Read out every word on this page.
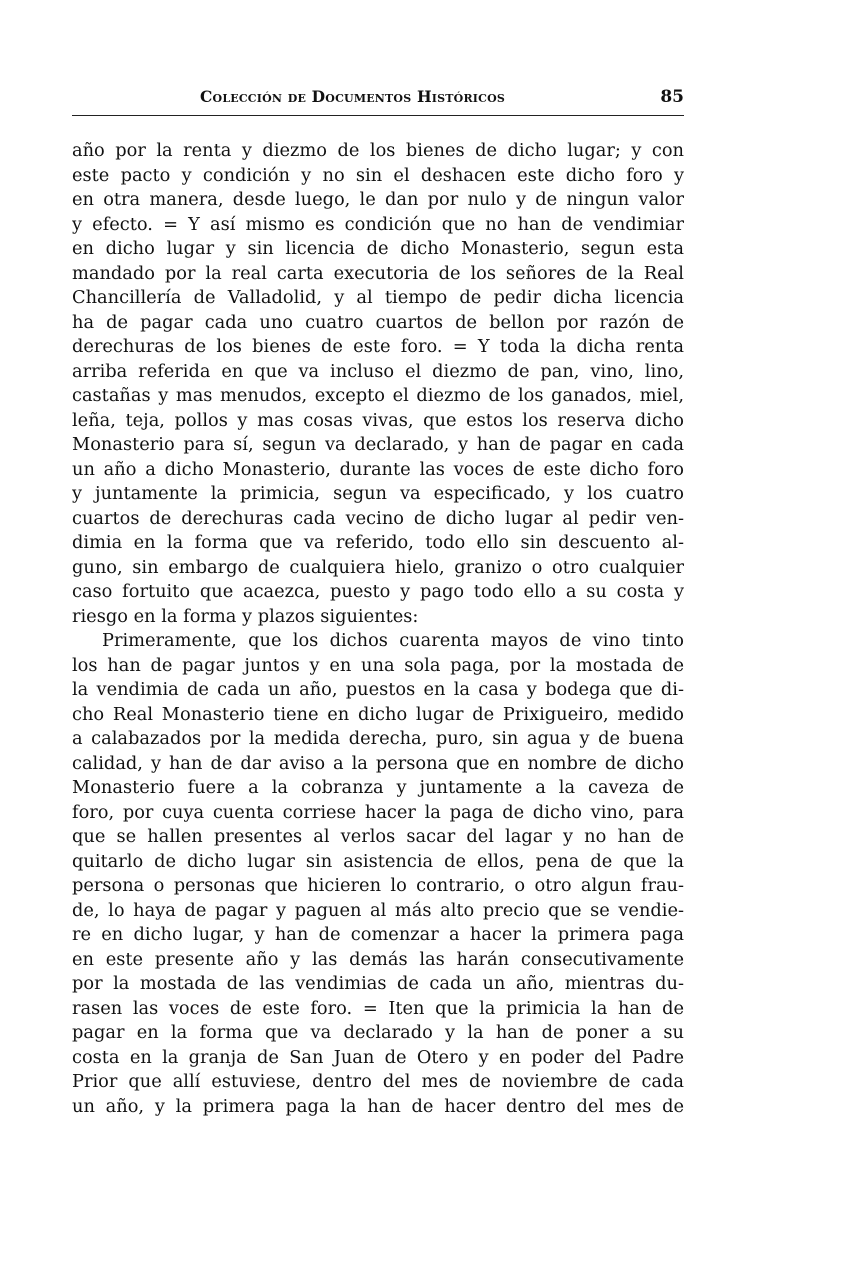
Colección de Documentos Históricos	85
año por la renta y diezmo de los bienes de dicho lugar; y con
este pacto y condición y no sin el deshacen este dicho foro y
en otra manera, desde luego, le dan por nulo y de ningun valor
y efecto. = Y así mismo es condición que no han de vendimiar
en dicho lugar y sin licencia de dicho Monasterio, segun esta
mandado por la real carta executoria de los señores de la Real
Chancillería de Valladolid, y al tiempo de pedir dicha licencia
ha de pagar cada uno cuatro cuartos de bellon por razón de
derechuras de los bienes de este foro. = Y toda la dicha renta
arriba referida en que va incluso el diezmo de pan, vino, lino,
castañas y mas menudos, excepto el diezmo de los ganados, miel,
leña, teja, pollos y mas cosas vivas, que estos los reserva dicho
Monasterio para sí, segun va declarado, y han de pagar en cada
un año a dicho Monasterio, durante las voces de este dicho foro
y juntamente la primicia, segun va especificado, y los cuatro
cuartos de derechuras cada vecino de dicho lugar al pedir ven-
dimia en la forma que va referido, todo ello sin descuento al-
guno, sin embargo de cualquiera hielo, granizo o otro cualquier
caso fortuito que acaezca, puesto y pago todo ello a su costa y
riesgo en la forma y plazos siguientes:
Primeramente, que los dichos cuarenta mayos de vino tinto
los han de pagar juntos y en una sola paga, por la mostada de
la vendimia de cada un año, puestos en la casa y bodega que di-
cho Real Monasterio tiene en dicho lugar de Prixigueiro, medido
a calabazados por la medida derecha, puro, sin agua y de buena
calidad, y han de dar aviso a la persona que en nombre de dicho
Monasterio fuere a la cobranza y juntamente a la caveza de
foro, por cuya cuenta corriese hacer la paga de dicho vino, para
que se hallen presentes al verlos sacar del lagar y no han de
quitarlo de dicho lugar sin asistencia de ellos, pena de que la
persona o personas que hicieren lo contrario, o otro algun frau-
de, lo haya de pagar y paguen al más alto precio que se vendie-
re en dicho lugar, y han de comenzar a hacer la primera paga
en este presente año y las demás las harán consecutivamente
por la mostada de las vendimias de cada un año, mientras du-
rasen las voces de este foro. = Iten que la primicia la han de
pagar en la forma que va declarado y la han de poner a su
costa en la granja de San Juan de Otero y en poder del Padre
Prior que allí estuviese, dentro del mes de noviembre de cada
un año, y la primera paga la han de hacer dentro del mes de
